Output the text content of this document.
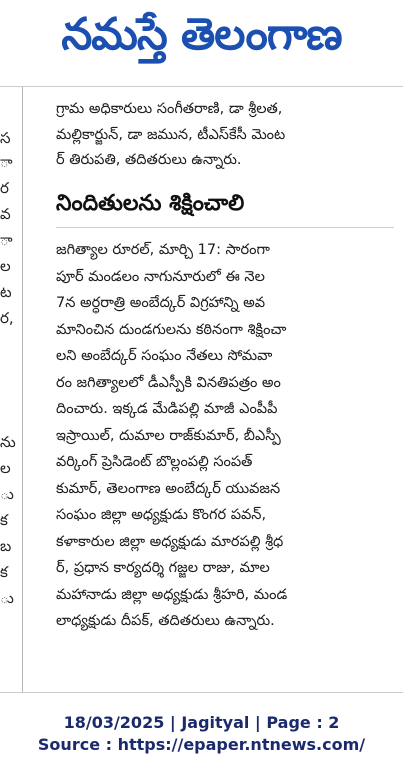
నమస్తే తెలంగాణ
స
ా
ర
వ
ా
ల
ట
ర,
ను
ల
ు
క
బ
క
ు
గ్రామ అధికారులు సంగీతరాణి, డా శ్రీలత,
మల్లికార్జున్, డా జమున, టీఎస్‌కేసీ మెంట
ర్ తిరుపతి, తదితరులు ఉన్నారు.
నిందితులను శిక్షించాలి
జగిత్యాల రూరల్, మార్చి 17: సారంగా
పూర్ మండలం నాగునూరులో ఈ నెల
7న అర్ధరాత్రి అంబేద్కర్ విగ్రహాన్ని అవ
మానించిన దుండగులను కఠినంగా శిక్షించా
లని అంబేద్కర్ సంఘం నేతలు సోమవా
రం జగిత్యాలలో డీఎస్పీకి వినతిపత్రం అం
దించారు. ఇక్కడ మేడిపల్లి మాజీ ఎంపీపీ
ఇస్రాయిల్, దుమాల రాజ్‌కుమార్, బీఎస్పీ
వర్కింగ్ ప్రెసిడెంట్ బొల్లంపల్లి సంపత్
కుమార్, తెలంగాణ అంబేద్కర్ యువజన
సంఘం జిల్లా అధ్యక్షుడు కొంగర పవన్,
కళాకారుల జిల్లా అధ్యక్షుడు మారపల్లి శ్రీధ
ర్, ప్రధాన కార్యదర్శి గజ్జల రాజు, మాల
మహానాడు జిల్లా అధ్యక్షుడు శ్రీహరి, మండ
లాధ్యక్షుడు దీపక్, తదితరులు ఉన్నారు.
18/03/2025 | Jagityal | Page : 2
Source : https://epaper.ntnews.com/
